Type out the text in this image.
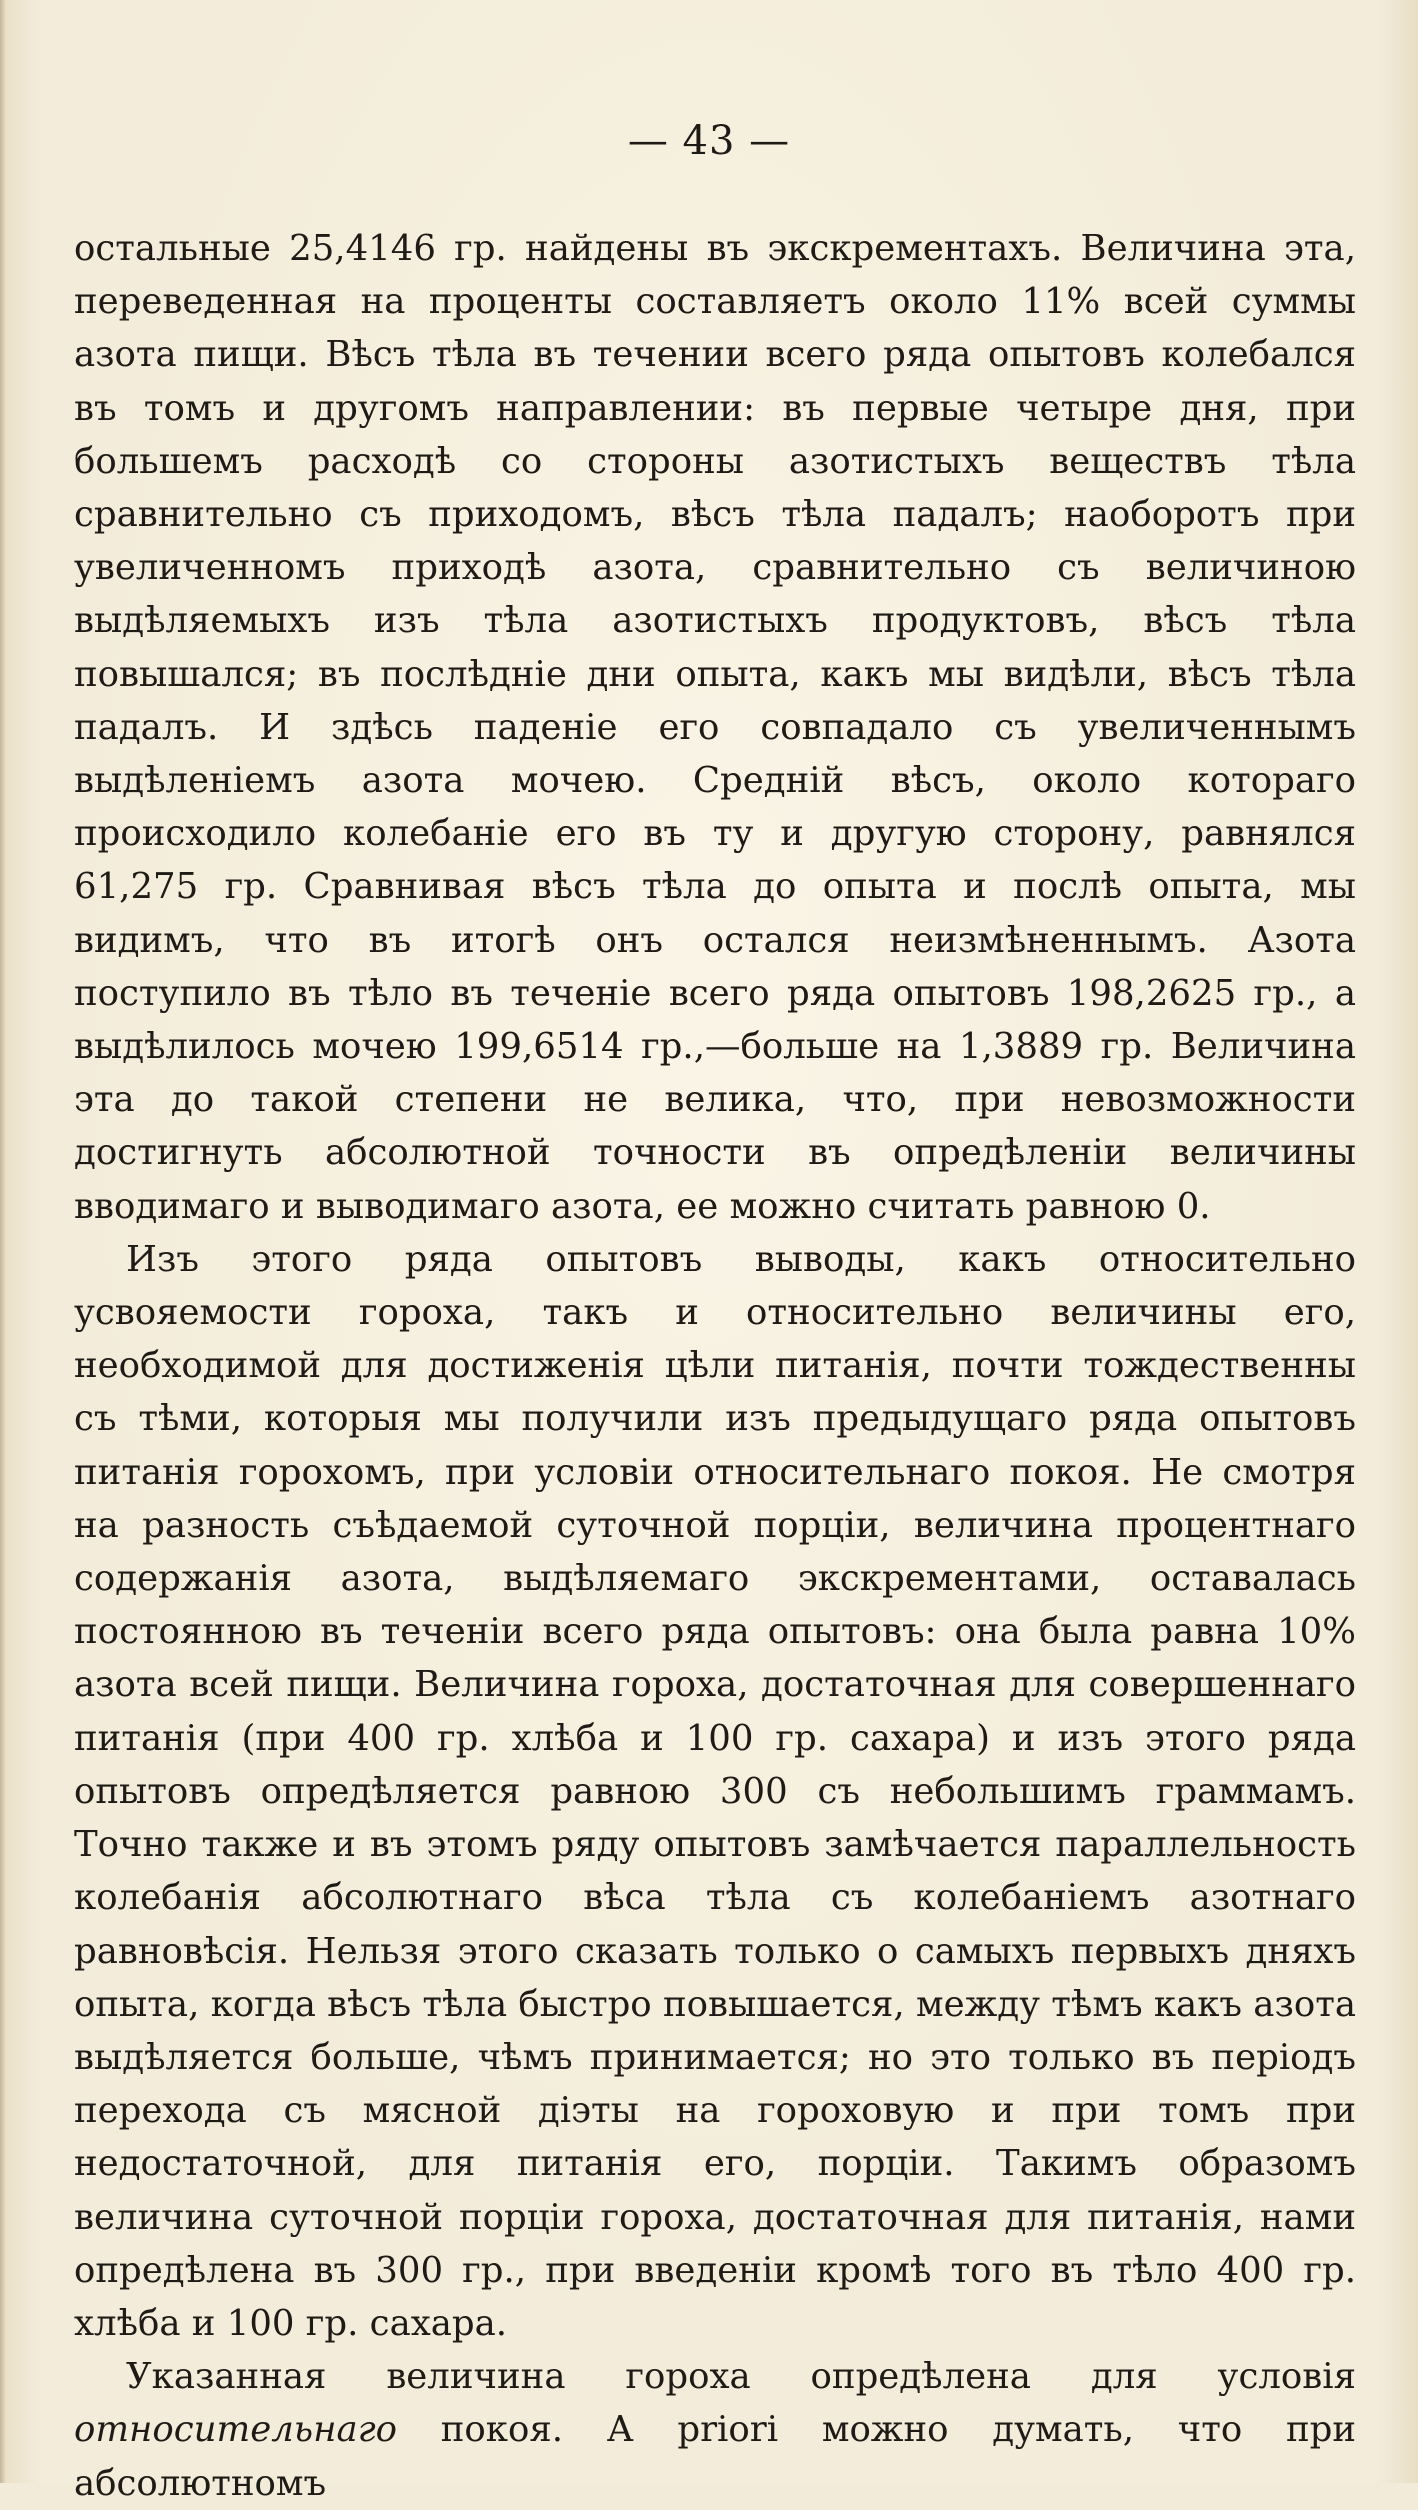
— 43 —

остальные 25,4146 гр. найдены въ экскрементахъ. Величина эта, переведенная на проценты составляетъ около 11% всей суммы азота пищи. Вѣсъ тѣла въ течении всего ряда опытовъ колебался въ томъ и другомъ направлении: въ первые четыре дня, при большемъ расходѣ со стороны азотистыхъ веществъ тѣла сравнительно съ приходомъ, вѣсъ тѣла падалъ; наоборотъ при увеличенномъ приходѣ азота, сравнительно съ величиною выдѣляемыхъ изъ тѣла азотистыхъ продуктовъ, вѣсъ тѣла повышался; въ послѣдніе дни опыта, какъ мы видѣли, вѣсъ тѣла падалъ. И здѣсь паденіе его совпадало съ увеличеннымъ выдѣленіемъ азота мочею. Средній вѣсъ, около котораго происходило колебаніе его въ ту и другую сторону, равнялся 61,275 гр. Сравнивая вѣсъ тѣла до опыта и послѣ опыта, мы видимъ, что въ итогѣ онъ остался неизмѣненнымъ. Азота поступило въ тѣло въ теченіе всего ряда опытовъ 198,2625 гр., а выдѣлилось мочею 199,6514 гр.,—больше на 1,3889 гр. Величина эта до такой степени не велика, что, при невозможности достигнуть абсолютной точности въ опредѣленіи величины вводимаго и выводимаго азота, ее можно считать равною 0.

Изъ этого ряда опытовъ выводы, какъ относительно усвояемости гороха, такъ и относительно величины его, необходимой для достиженія цѣли питанія, почти тождественны съ тѣми, которыя мы получили изъ предыдущаго ряда опытовъ питанія горохомъ, при условіи относительнаго покоя. Не смотря на разность съѣдаемой суточной порціи, величина процентнаго содержанія азота, выдѣляемаго экскрементами, оставалась постоянною въ теченіи всего ряда опытовъ: она была равна 10% азота всей пищи. Величина гороха, достаточная для совершеннаго питанія (при 400 гр. хлѣба и 100 гр. сахара) и изъ этого ряда опытовъ опредѣляется равною 300 съ небольшимъ граммамъ. Точно также и въ этомъ ряду опытовъ замѣчается параллельность колебанія абсолютнаго вѣса тѣла съ колебаніемъ азотнаго равновѣсія. Нельзя этого сказать только о самыхъ первыхъ дняхъ опыта, когда вѣсъ тѣла быстро повышается, между тѣмъ какъ азота выдѣляется больше, чѣмъ принимается; но это только въ періодъ перехода съ мясной діэты на гороховую и при томъ при недостаточной, для питанія его, порціи. Такимъ образомъ величина суточной порціи гороха, достаточная для питанія, нами опредѣлена въ 300 гр., при введеніи кромѣ того въ тѣло 400 гр. хлѣба и 100 гр. сахара.

Указанная величина гороха опредѣлена для условія относительнаго покоя. А priori можно думать, что при абсолютномъ
